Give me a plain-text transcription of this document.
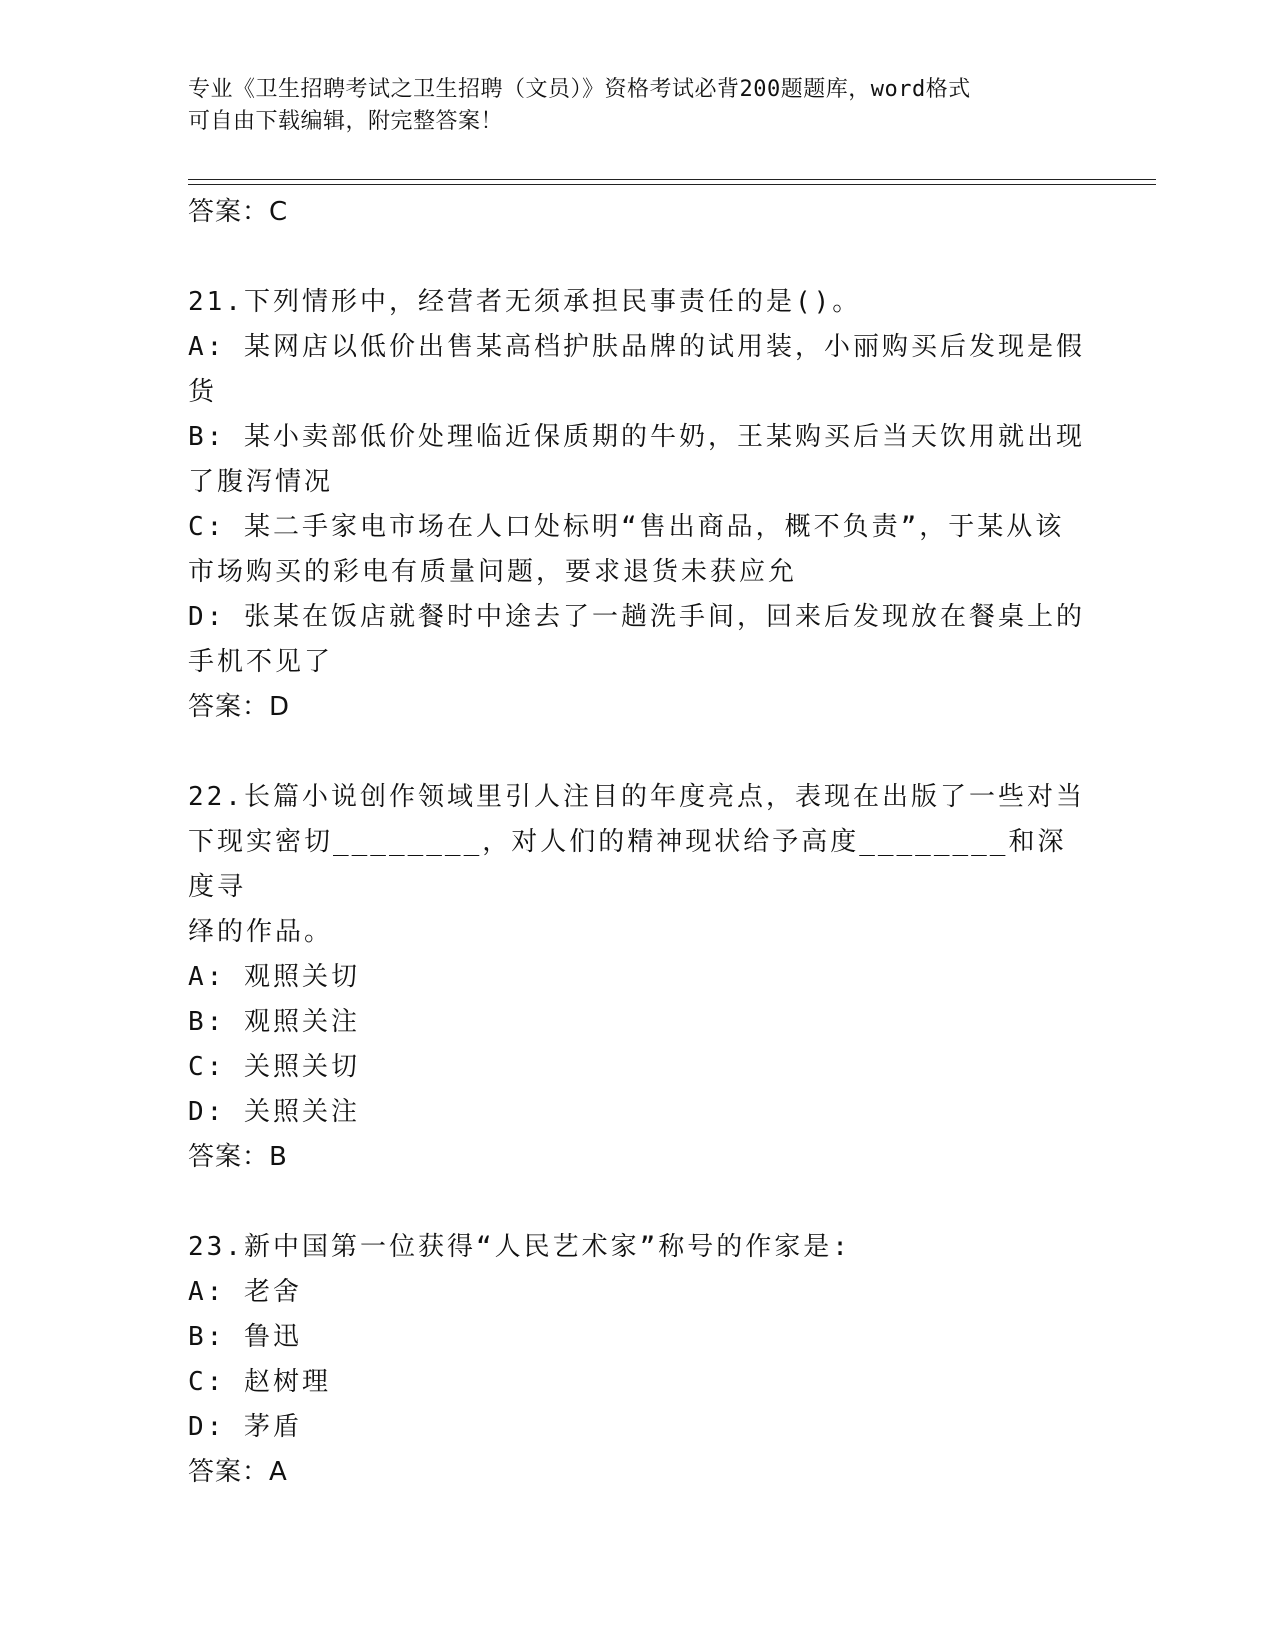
专业《卫生招聘考试之卫生招聘（文员）》资格考试必背200题题库，word格式
可自由下载编辑，附完整答案！
答案：C
21.下列情形中，经营者无须承担民事责任的是()。
A: 某网店以低价出售某高档护肤品牌的试用装，小丽购买后发现是假
货
B: 某小卖部低价处理临近保质期的牛奶，王某购买后当天饮用就出现
了腹泻情况
C: 某二手家电市场在人口处标明“售出商品，概不负责”，于某从该
市场购买的彩电有质量问题，要求退货未获应允
D: 张某在饭店就餐时中途去了一趟洗手间，回来后发现放在餐桌上的
手机不见了
答案：D
22.长篇小说创作领域里引人注目的年度亮点，表现在出版了一些对当
下现实密切________，对人们的精神现状给予高度________和深度寻
绎的作品。
A: 观照关切
B: 观照关注
C: 关照关切
D: 关照关注
答案：B
23.新中国第一位获得“人民艺术家”称号的作家是:
A: 老舍
B: 鲁迅
C: 赵树理
D: 茅盾
答案：A
